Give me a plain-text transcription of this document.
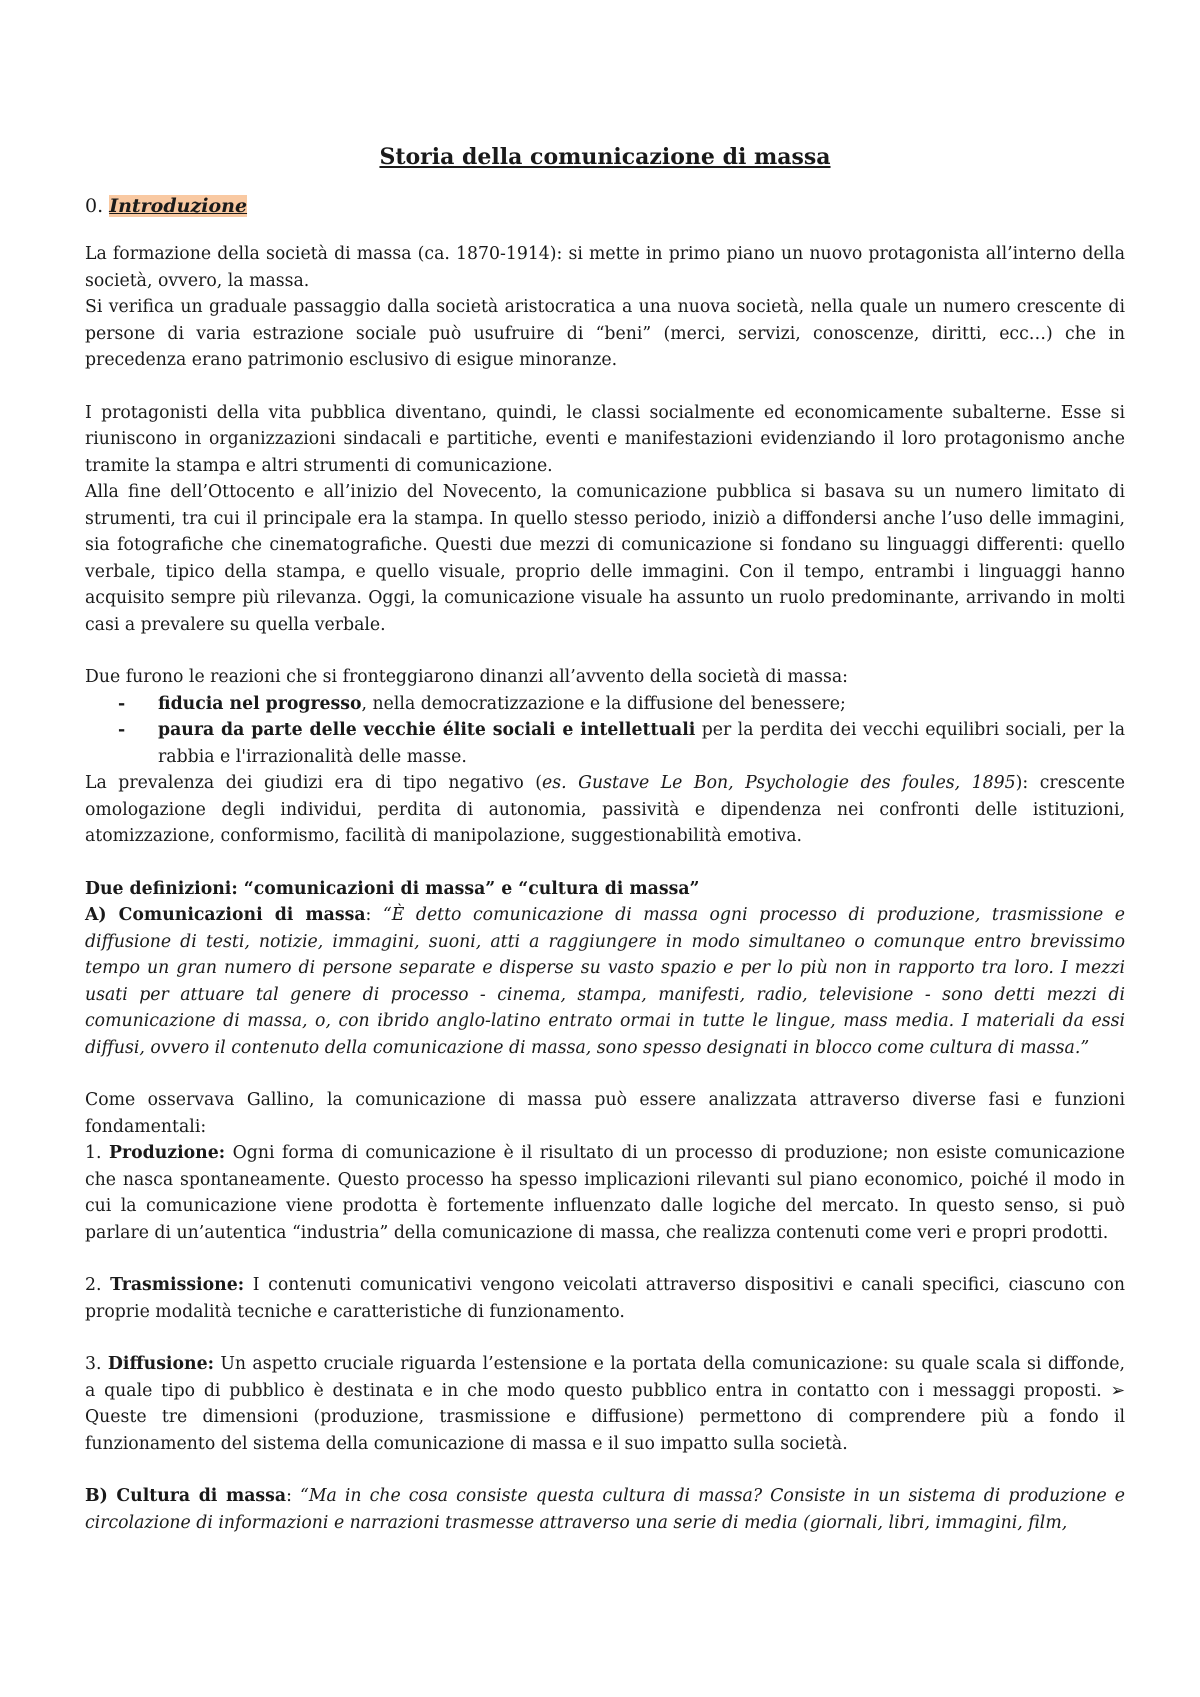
Storia della comunicazione di massa
0. Introduzione

La formazione della società di massa (ca. 1870-1914): si mette in primo piano un nuovo protagonista all’interno della società, ovvero, la massa.

Si verifica un graduale passaggio dalla società aristocratica a una nuova società, nella quale un numero crescente di persone di varia estrazione sociale può usufruire di “beni” (merci, servizi, conoscenze, diritti, ecc…) che in precedenza erano patrimonio esclusivo di esigue minoranze.

I protagonisti della vita pubblica diventano, quindi, le classi socialmente ed economicamente subalterne. Esse si riuniscono in organizzazioni sindacali e partitiche, eventi e manifestazioni evidenziando il loro protagonismo anche tramite la stampa e altri strumenti di comunicazione.

Alla fine dell’Ottocento e all’inizio del Novecento, la comunicazione pubblica si basava su un numero limitato di strumenti, tra cui il principale era la stampa. In quello stesso periodo, iniziò a diffondersi anche l’uso delle immagini, sia fotografiche che cinematografiche. Questi due mezzi di comunicazione si fondano su linguaggi differenti: quello verbale, tipico della stampa, e quello visuale, proprio delle immagini. Con il tempo, entrambi i linguaggi hanno acquisito sempre più rilevanza. Oggi, la comunicazione visuale ha assunto un ruolo predominante, arrivando in molti casi a prevalere su quella verbale.

Due furono le reazioni che si fronteggiarono dinanzi all’avvento della società di massa:

- fiducia nel progresso, nella democratizzazione e la diffusione del benessere;
- paura da parte delle vecchie élite sociali e intellettuali per la perdita dei vecchi equilibri sociali, per la rabbia e l'irrazionalità delle masse.

La prevalenza dei giudizi era di tipo negativo (es. Gustave Le Bon, Psychologie des foules, 1895): crescente omologazione degli individui, perdita di autonomia, passività e dipendenza nei confronti delle istituzioni, atomizzazione, conformismo, facilità di manipolazione, suggestionabilità emotiva.

Due definizioni: “comunicazioni di massa” e “cultura di massa”

A) Comunicazioni di massa: “È detto comunicazione di massa ogni processo di produzione, trasmissione e diffusione di testi, notizie, immagini, suoni, atti a raggiungere in modo simultaneo o comunque entro brevissimo tempo un gran numero di persone separate e disperse su vasto spazio e per lo più non in rapporto tra loro. I mezzi usati per attuare tal genere di processo - cinema, stampa, manifesti, radio, televisione - sono detti mezzi di comunicazione di massa, o, con ibrido anglo-latino entrato ormai in tutte le lingue, mass media. I materiali da essi diffusi, ovvero il contenuto della comunicazione di massa, sono spesso designati in blocco come cultura di massa.”

Come osservava Gallino, la comunicazione di massa può essere analizzata attraverso diverse fasi e funzioni fondamentali:

1. Produzione: Ogni forma di comunicazione è il risultato di un processo di produzione; non esiste comunicazione che nasca spontaneamente. Questo processo ha spesso implicazioni rilevanti sul piano economico, poiché il modo in cui la comunicazione viene prodotta è fortemente influenzato dalle logiche del mercato. In questo senso, si può parlare di un’autentica “industria” della comunicazione di massa, che realizza contenuti come veri e propri prodotti.

2. Trasmissione: I contenuti comunicativi vengono veicolati attraverso dispositivi e canali specifici, ciascuno con proprie modalità tecniche e caratteristiche di funzionamento.

3. Diffusione: Un aspetto cruciale riguarda l’estensione e la portata della comunicazione: su quale scala si diffonde, a quale tipo di pubblico è destinata e in che modo questo pubblico entra in contatto con i messaggi proposti. ➢ Queste tre dimensioni (produzione, trasmissione e diffusione) permettono di comprendere più a fondo il funzionamento del sistema della comunicazione di massa e il suo impatto sulla società.

B) Cultura di massa: “Ma in che cosa consiste questa cultura di massa? Consiste in un sistema di produzione e circolazione di informazioni e narrazioni trasmesse attraverso una serie di media (giornali, libri, immagini, film,
